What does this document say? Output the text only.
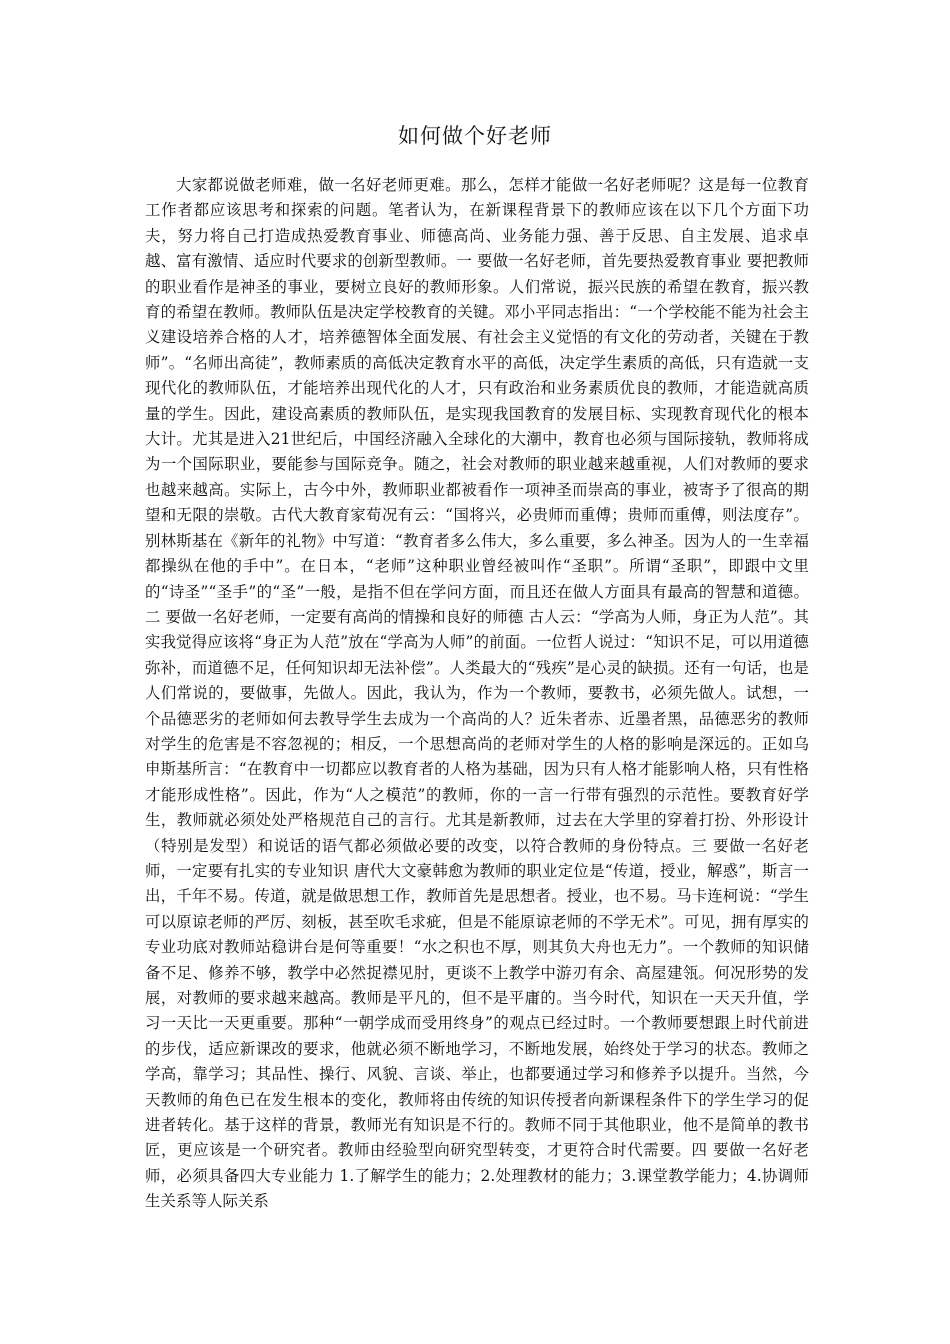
如何做个好老师

大家都说做老师难，做一名好老师更难。那么，怎样才能做一名好老师呢？这是每一位教育工作者都应该思考和探索的问题。笔者认为，在新课程背景下的教师应该在以下几个方面下功夫，努力将自己打造成热爱教育事业、师德高尚、业务能力强、善于反思、自主发展、追求卓越、富有激情、适应时代要求的创新型教师。一 要做一名好老师，首先要热爱教育事业 要把教师的职业看作是神圣的事业，要树立良好的教师形象。人们常说，振兴民族的希望在教育，振兴教育的希望在教师。教师队伍是决定学校教育的关键。邓小平同志指出：“一个学校能不能为社会主义建设培养合格的人才，培养德智体全面发展、有社会主义觉悟的有文化的劳动者，关键在于教师”。“名师出高徒”，教师素质的高低决定教育水平的高低，决定学生素质的高低，只有造就一支现代化的教师队伍，才能培养出现代化的人才，只有政治和业务素质优良的教师，才能造就高质量的学生。因此，建设高素质的教师队伍，是实现我国教育的发展目标、实现教育现代化的根本大计。尤其是进入21世纪后，中国经济融入全球化的大潮中，教育也必须与国际接轨，教师将成为一个国际职业，要能参与国际竞争。随之，社会对教师的职业越来越重视，人们对教师的要求也越来越高。实际上，古今中外，教师职业都被看作一项神圣而崇高的事业，被寄予了很高的期望和无限的崇敬。古代大教育家荀况有云：“国将兴，必贵师而重傅；贵师而重傅，则法度存”。别林斯基在《新年的礼物》中写道：“教育者多么伟大，多么重要，多么神圣。因为人的一生幸福都操纵在他的手中”。在日本，“老师”这种职业曾经被叫作“圣职”。所谓“圣职”，即跟中文里的“诗圣”“圣手”的“圣”一般，是指不但在学问方面，而且还在做人方面具有最高的智慧和道德。二 要做一名好老师，一定要有高尚的情操和良好的师德 古人云：“学高为人师，身正为人范”。其实我觉得应该将“身正为人范”放在“学高为人师”的前面。一位哲人说过：“知识不足，可以用道德弥补，而道德不足，任何知识却无法补偿”。人类最大的“残疾”是心灵的缺损。还有一句话，也是人们常说的，要做事，先做人。因此，我认为，作为一个教师，要教书，必须先做人。试想，一个品德恶劣的老师如何去教导学生去成为一个高尚的人？近朱者赤、近墨者黑，品德恶劣的教师对学生的危害是不容忽视的；相反，一个思想高尚的老师对学生的人格的影响是深远的。正如乌申斯基所言：“在教育中一切都应以教育者的人格为基础，因为只有人格才能影响人格，只有性格才能形成性格”。因此，作为“人之模范”的教师，你的一言一行带有强烈的示范性。要教育好学生，教师就必须处处严格规范自己的言行。尤其是新教师，过去在大学里的穿着打扮、外形设计（特别是发型）和说话的语气都必须做必要的改变，以符合教师的身份特点。三 要做一名好老师，一定要有扎实的专业知识 唐代大文豪韩愈为教师的职业定位是“传道，授业，解惑”，斯言一出，千年不易。传道，就是做思想工作，教师首先是思想者。授业，也不易。马卡连柯说：“学生可以原谅老师的严厉、刻板，甚至吹毛求疵，但是不能原谅老师的不学无术”。可见，拥有厚实的专业功底对教师站稳讲台是何等重要！“水之积也不厚，则其负大舟也无力”。一个教师的知识储备不足、修养不够，教学中必然捉襟见肘，更谈不上教学中游刃有余、高屋建瓴。何况形势的发展，对教师的要求越来越高。教师是平凡的，但不是平庸的。当今时代，知识在一天天升值，学习一天比一天更重要。那种“一朝学成而受用终身”的观点已经过时。一个教师要想跟上时代前进的步伐，适应新课改的要求，他就必须不断地学习，不断地发展，始终处于学习的状态。教师之学高，靠学习；其品性、操行、风貌、言谈、举止，也都要通过学习和修养予以提升。当然，今天教师的角色已在发生根本的变化，教师将由传统的知识传授者向新课程条件下的学生学习的促进者转化。基于这样的背景，教师光有知识是不行的。教师不同于其他职业，他不是简单的教书匠，更应该是一个研究者。教师由经验型向研究型转变，才更符合时代需要。四 要做一名好老师，必须具备四大专业能力 1.了解学生的能力；2.处理教材的能力；3.课堂教学能力；4.协调师生关系等人际关系
